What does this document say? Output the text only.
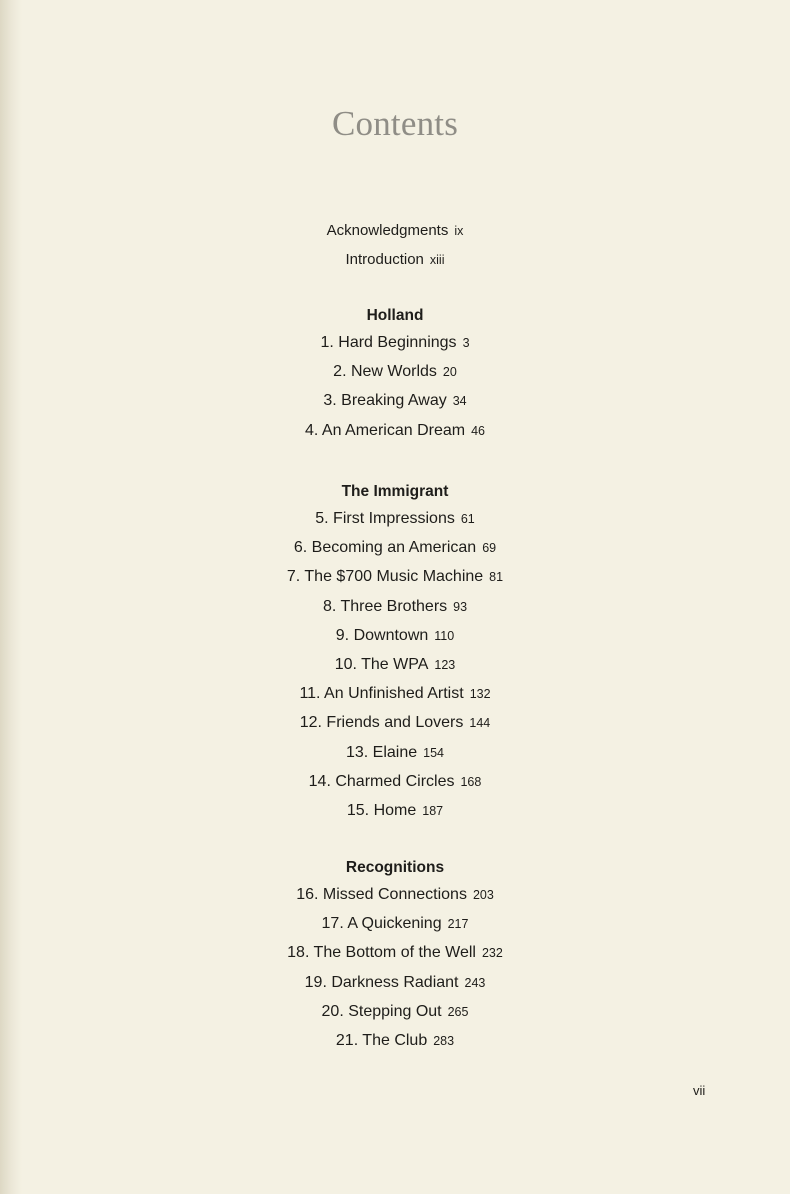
Contents
Acknowledgments ix
Introduction xiii
Holland
1. Hard Beginnings 3
2. New Worlds 20
3. Breaking Away 34
4. An American Dream 46
The Immigrant
5. First Impressions 61
6. Becoming an American 69
7. The $700 Music Machine 81
8. Three Brothers 93
9. Downtown 110
10. The WPA 123
11. An Unfinished Artist 132
12. Friends and Lovers 144
13. Elaine 154
14. Charmed Circles 168
15. Home 187
Recognitions
16. Missed Connections 203
17. A Quickening 217
18. The Bottom of the Well 232
19. Darkness Radiant 243
20. Stepping Out 265
21. The Club 283
vii
